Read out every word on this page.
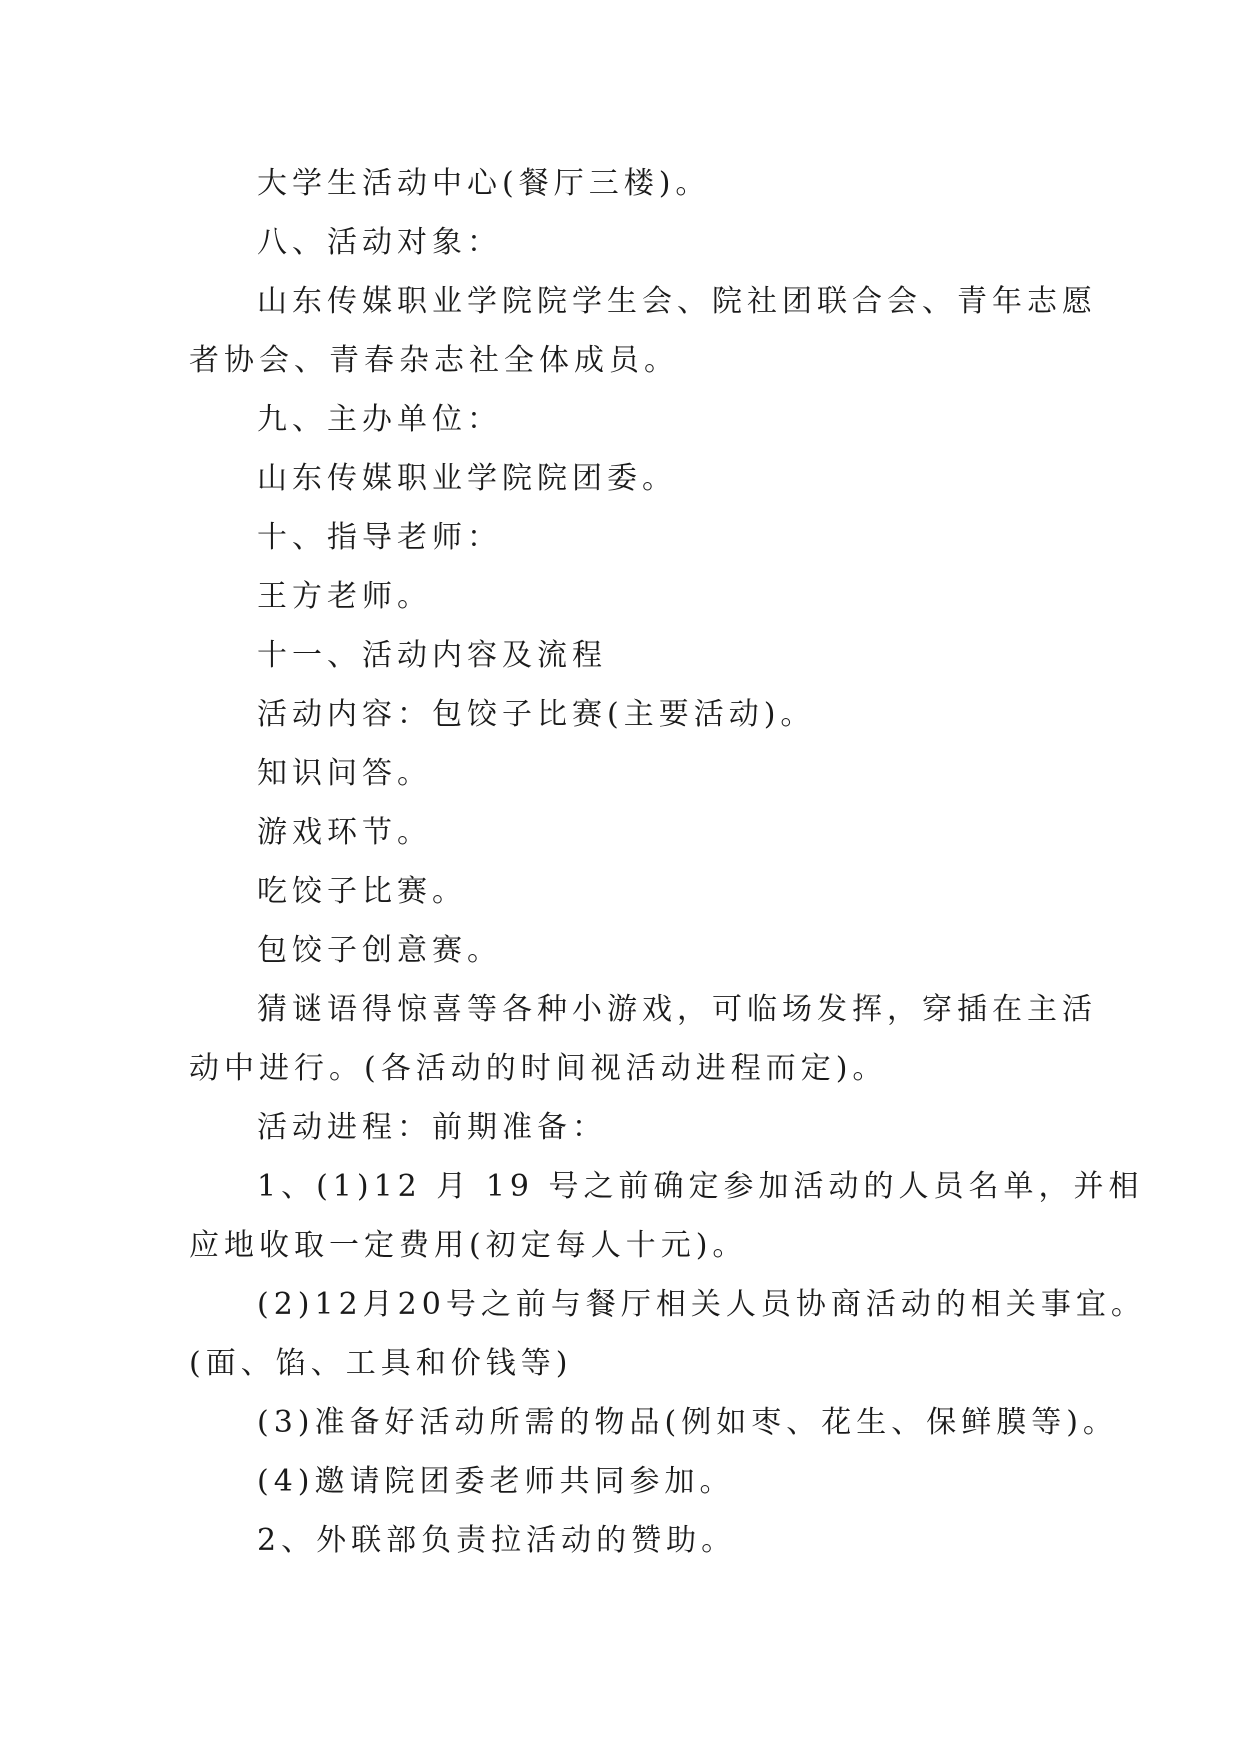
大学生活动中心(餐厅三楼)。
八、活动对象：
山东传媒职业学院院学生会、院社团联合会、青年志愿
者协会、青春杂志社全体成员。
九、主办单位：
山东传媒职业学院院团委。
十、指导老师：
王方老师。
十一、活动内容及流程
活动内容：包饺子比赛(主要活动)。
知识问答。
游戏环节。
吃饺子比赛。
包饺子创意赛。
猜谜语得惊喜等各种小游戏，可临场发挥，穿插在主活
动中进行。(各活动的时间视活动进程而定)。
活动进程：前期准备：
1、(1)12 月 19 号之前确定参加活动的人员名单，并相
应地收取一定费用(初定每人十元)。
(2)12月20号之前与餐厅相关人员协商活动的相关事宜。
(面、馅、工具和价钱等)
(3)准备好活动所需的物品(例如枣、花生、保鲜膜等)。
(4)邀请院团委老师共同参加。
2、外联部负责拉活动的赞助。
